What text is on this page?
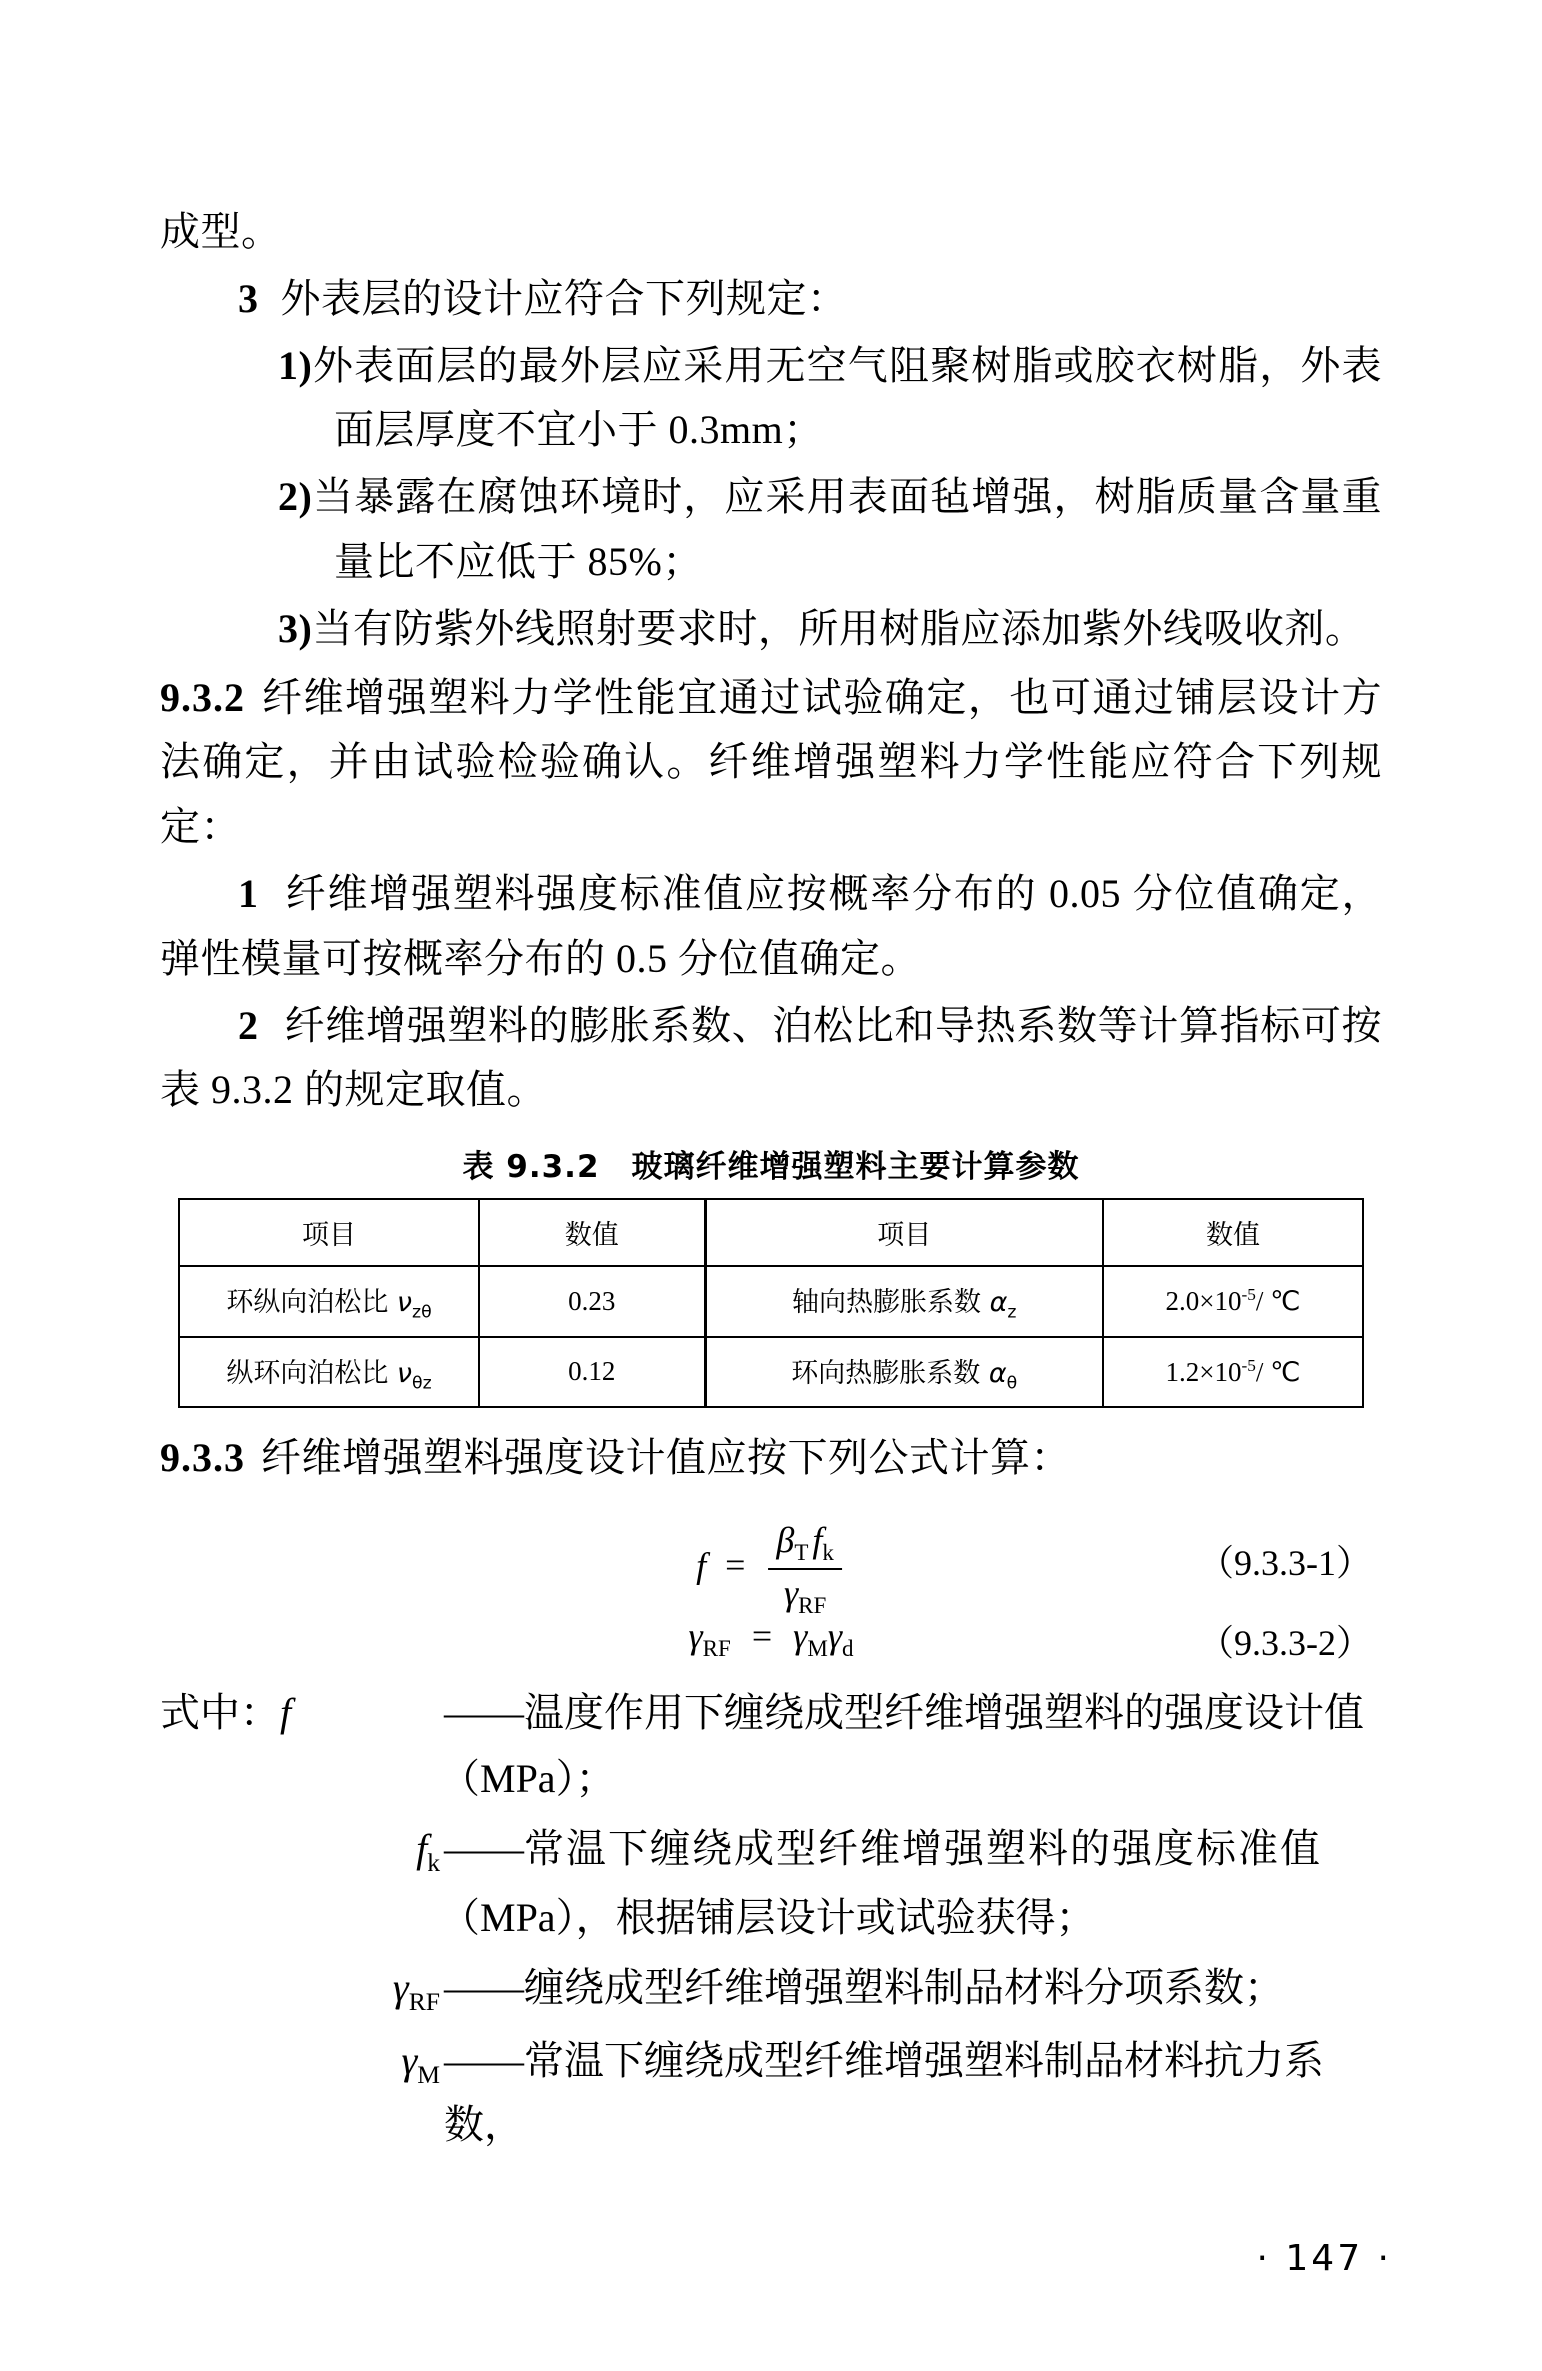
成型。

3 外表层的设计应符合下列规定：

1)外表面层的最外层应采用无空气阻聚树脂或胶衣树脂，外表面层厚度不宜小于 0.3mm；

2)当暴露在腐蚀环境时，应采用表面毡增强，树脂质量含量重量比不应低于 85%；

3)当有防紫外线照射要求时，所用树脂应添加紫外线吸收剂。

9.3.2 纤维增强塑料力学性能宜通过试验确定，也可通过铺层设计方法确定，并由试验检验确认。纤维增强塑料力学性能应符合下列规定：

1 纤维增强塑料强度标准值应按概率分布的 0.05 分位值确定，弹性模量可按概率分布的 0.5 分位值确定。

2 纤维增强塑料的膨胀系数、泊松比和导热系数等计算指标可按表 9.3.2 的规定取值。

表 9.3.2　玻璃纤维增强塑料主要计算参数
项目	数值	项目	数值
环纵向泊松比 $\nu_{z\theta}$	0.23	轴向热膨胀系数 $\alpha_z$	$2.0\times 10^{-5}/$ ℃
纵环向泊松比 $\nu_{\theta z}$	0.12	环向热膨胀系数 $\alpha_\theta$	$1.2\times 10^{-5}/$ ℃

9.3.3 纤维增强塑料强度设计值应按下列公式计算：

$f = \frac{\beta_T f_k}{\gamma_{RF}}$	（9.3.3-1）
$\gamma_{RF} = \gamma_M\gamma_d$	（9.3.3-2）
式中：f	——温度作用下缠绕成型纤维增强塑料的强度设计值
（MPa）；
$f_k$ ——常温下缠绕成型纤维增强塑料的强度标准值
（MPa），根据铺层设计或试验获得；
$\gamma_{RF}$ ——缠绕成型纤维增强塑料制品材料分项系数；
$\gamma_M$ ——常温下缠绕成型纤维增强塑料制品材料抗力系数，
· 147 ·
